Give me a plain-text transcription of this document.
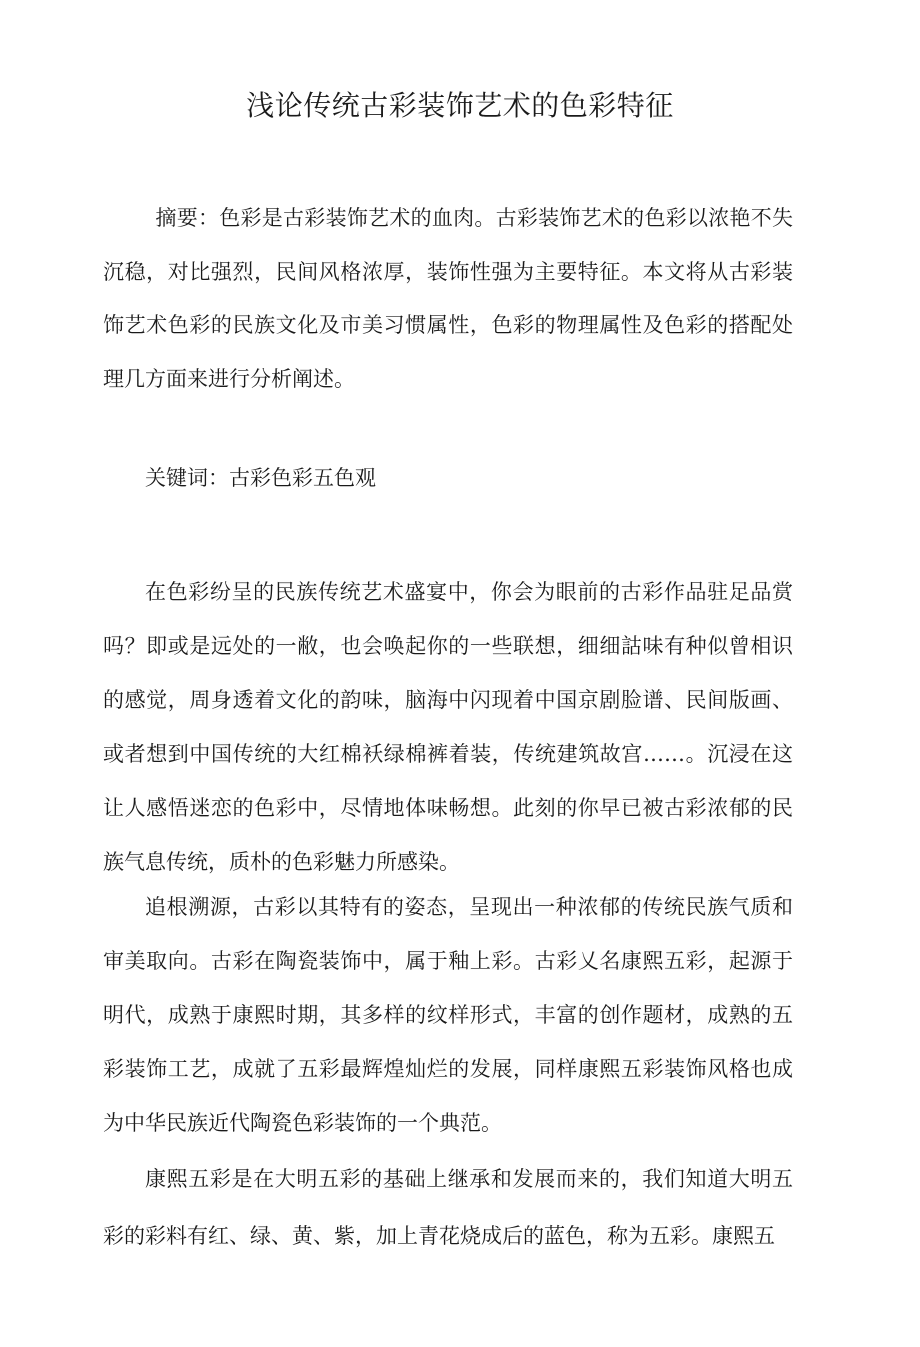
浅论传统古彩装饰艺术的色彩特征

摘要：色彩是古彩装饰艺术的血肉。古彩装饰艺术的色彩以浓艳不失沉稳，对比强烈，民间风格浓厚，装饰性强为主要特征。本文将从古彩装饰艺术色彩的民族文化及市美习惯属性，色彩的物理属性及色彩的搭配处理几方面来进行分析阐述。

关键词：古彩色彩五色观

在色彩纷呈的民族传统艺术盛宴中，你会为眼前的古彩作品驻足品赏吗？即或是远处的一敝，也会唤起你的一些联想，细细詁味有种似曾相识的感觉，周身透着文化的韵味，脑海中闪现着中国京剧脸谱、民间版画、或者想到中国传统的大红棉袄绿棉裤着装，传统建筑故宫……。沉浸在这让人感悟迷恋的色彩中，尽情地体味畅想。此刻的你早已被古彩浓郁的民族气息传统，质朴的色彩魅力所感染。

追根溯源，古彩以其特有的姿态，呈现出一种浓郁的传统民族气质和审美取向。古彩在陶瓷装饰中，属于釉上彩。古彩乂名康熙五彩，起源于明代，成熟于康熙时期，其多样的纹样形式，丰富的创作题材，成熟的五彩装饰工艺，成就了五彩最辉煌灿烂的发展，同样康熙五彩装饰风格也成为中华民族近代陶瓷色彩装饰的一个典范。

康熙五彩是在大明五彩的基础上继承和发展而来的，我们知道大明五彩的彩料有红、绿、黄、紫，加上青花烧成后的蓝色，称为五彩。康熙五
